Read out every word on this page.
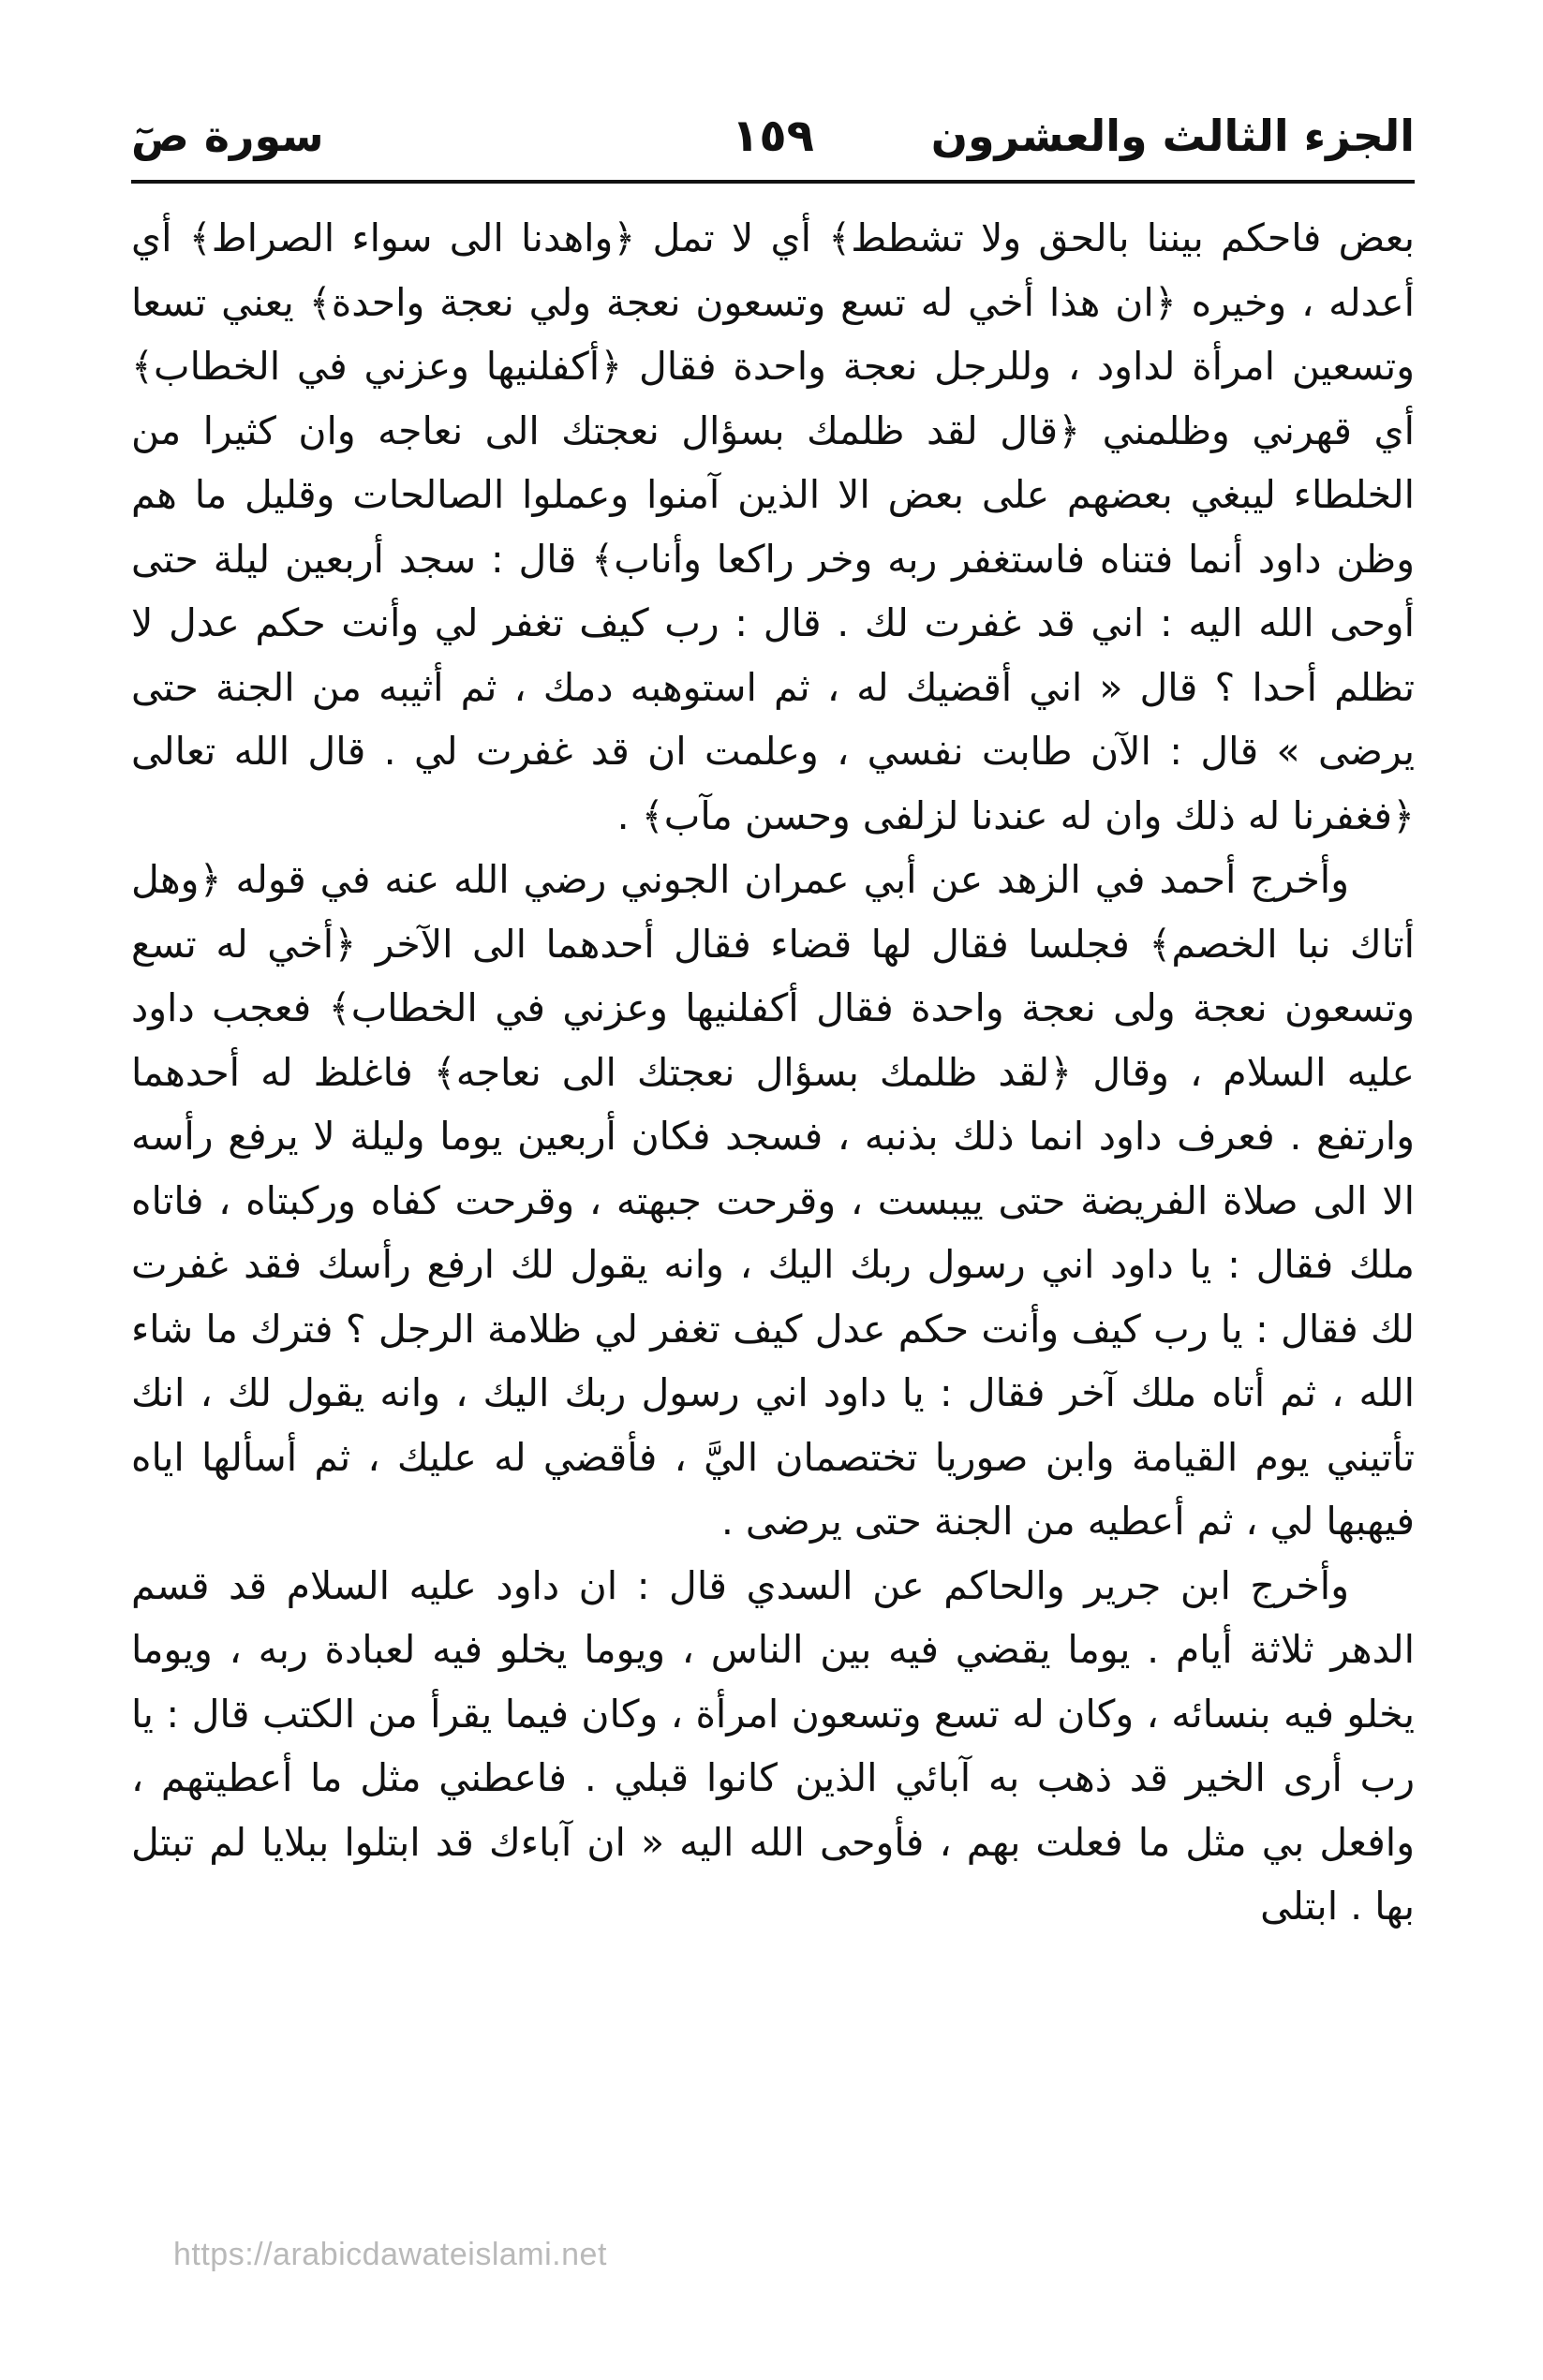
الجزء الثالث والعشرون
١٥٩
سورة صٓ

بعض فاحكم بيننا بالحق ولا تشطط﴾ أي لا تمل ﴿واهدنا الى سواء الصراط﴾ أي أعدله ، وخيره ﴿ان هذا أخي له تسع وتسعون نعجة ولي نعجة واحدة﴾ يعني تسعا وتسعين امرأة لداود ، وللرجل نعجة واحدة فقال ﴿أكفلنيها وعزني في الخطاب﴾ أي قهرني وظلمني ﴿قال لقد ظلمك بسؤال نعجتك الى نعاجه وان كثيرا من الخلطاء ليبغي بعضهم على بعض الا الذين آمنوا وعملوا الصالحات وقليل ما هم وظن داود أنما فتناه فاستغفر ربه وخر راكعا وأناب﴾ قال : سجد أربعين ليلة حتى أوحى الله اليه : اني قد غفرت لك . قال : رب كيف تغفر لي وأنت حكم عدل لا تظلم أحدا ؟ قال « اني أقضيك له ، ثم استوهبه دمك ، ثم أثيبه من الجنة حتى يرضى » قال : الآن طابت نفسي ، وعلمت ان قد غفرت لي . قال الله تعالى ﴿فغفرنا له ذلك وان له عندنا لزلفى وحسن مآب﴾ .

وأخرج أحمد في الزهد عن أبي عمران الجوني رضي الله عنه في قوله ﴿وهل أتاك نبا الخصم﴾ فجلسا فقال لها قضاء فقال أحدهما الى الآخر ﴿أخي له تسع وتسعون نعجة ولى نعجة واحدة فقال أكفلنيها وعزني في الخطاب﴾ فعجب داود عليه السلام ، وقال ﴿لقد ظلمك بسؤال نعجتك الى نعاجه﴾ فاغلظ له أحدهما وارتفع . فعرف داود انما ذلك بذنبه ، فسجد فكان أربعين يوما وليلة لا يرفع رأسه الا الى صلاة الفريضة حتى ييبست ، وقرحت جبهته ، وقرحت كفاه وركبتاه ، فاتاه ملك فقال : يا داود اني رسول ربك اليك ، وانه يقول لك ارفع رأسك فقد غفرت لك فقال : يا رب كيف وأنت حكم عدل كيف تغفر لي ظلامة الرجل ؟ فترك ما شاء الله ، ثم أتاه ملك آخر فقال : يا داود اني رسول ربك اليك ، وانه يقول لك ، انك تأتيني يوم القيامة وابن صوريا تختصمان اليَّ ، فأقضي له عليك ، ثم أسألها اياه فيهبها لي ، ثم أعطيه من الجنة حتى يرضى .

وأخرج ابن جرير والحاكم عن السدي قال : ان داود عليه السلام قد قسم الدهر ثلاثة أيام . يوما يقضي فيه بين الناس ، ويوما يخلو فيه لعبادة ربه ، ويوما يخلو فيه بنسائه ، وكان له تسع وتسعون امرأة ، وكان فيما يقرأ من الكتب قال : يا رب أرى الخير قد ذهب به آبائي الذين كانوا قبلي . فاعطني مثل ما أعطيتهم ، وافعل بي مثل ما فعلت بهم ، فأوحى الله اليه « ان آباءك قد ابتلوا ببلايا لم تبتل بها . ابتلى

https://arabicdawateislami.net
